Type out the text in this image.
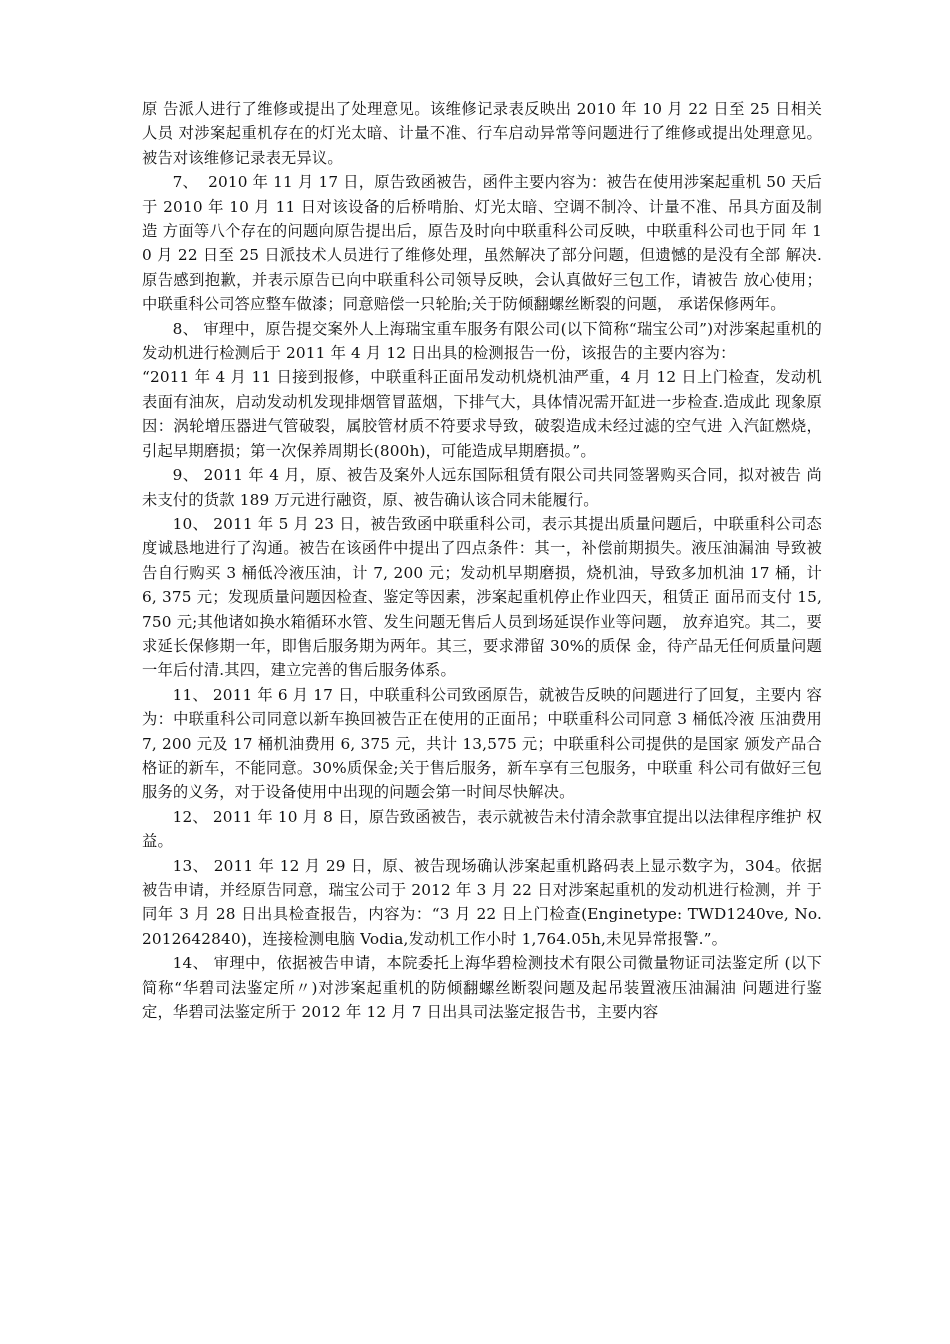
原 告派人进行了维修或提出了处理意见。该维修记录表反映出 2010 年 10 月 22 日至 25 日相关人员 对涉案起重机存在的灯光太暗、计量不准、行车启动异常等问题进行了维修或提出处理意见。 被告对该维修记录表无异议。

7、  2010 年 11 月 17 日，原告致函被告，函件主要内容为：被告在使用涉案起重机 50 天后于 2010 年 10 月 11 日对该设备的后桥啃胎、灯光太暗、空调不制冷、计量不准、吊具方面及制造 方面等八个存在的问题向原告提出后，原告及时向中联重科公司反映，中联重科公司也于同 年 10 月 22 日至 25 日派技术人员进行了维修处理，虽然解决了部分问题，但遗憾的是没有全部 解决.原告感到抱歉，并表示原告已向中联重科公司领导反映，会认真做好三包工作，请被告 放心使用；中联重科公司答应整车做漆；同意赔偿一只轮胎;关于防倾翻螺丝断裂的问题， 承诺保修两年。

8、 审理中，原告提交案外人上海瑞宝重车服务有限公司(以下简称“瑞宝公司”)对涉案起重机的发动机进行检测后于 2011 年 4 月 12 日出具的检测报告一份，该报告的主要内容为：

“2011 年 4 月 11 日接到报修，中联重科正面吊发动机烧机油严重，4 月 12 日上门检查，发动机 表面有油灰，启动发动机发现排烟管冒蓝烟，下排气大，具体情况需开缸进一步检查.造成此 现象原因：涡轮增压器进气管破裂，属胶管材质不符要求导致，破裂造成未经过滤的空气进 入汽缸燃烧，引起早期磨损；第一次保养周期长(800h)，可能造成早期磨损。”。

9、 2011 年 4 月，原、被告及案外人远东国际租赁有限公司共同签署购买合同，拟对被告 尚未支付的货款 189 万元进行融资，原、被告确认该合同未能履行。

10、 2011 年 5 月 23 日，被告致函中联重科公司，表示其提出质量问题后，中联重科公司态 度诚恳地进行了沟通。被告在该函件中提出了四点条件：其一，补偿前期损失。液压油漏油 导致被告自行购买 3 桶低冷液压油，计 7, 200 元；发动机早期磨损，烧机油，导致多加机油 17 桶，计 6, 375 元；发现质量问题因检查、鉴定等因素，涉案起重机停止作业四天，租赁正 面吊而支付 15,750 元;其他诸如换水箱循环水管、发生问题无售后人员到场延误作业等问题， 放弃追究。其二，要求延长保修期一年，即售后服务期为两年。其三，要求滞留 30%的质保 金，待产品无任何质量问题一年后付清.其四，建立完善的售后服务体系。

11、 2011 年 6 月 17 日，中联重科公司致函原告，就被告反映的问题进行了回复，主要内 容为：中联重科公司同意以新车换回被告正在使用的正面吊；中联重科公司同意 3 桶低冷液 压油费用 7, 200 元及 17 桶机油费用 6, 375 元，共计 13,575 元；中联重科公司提供的是国家 颁发产品合格证的新车，不能同意。30%质保金;关于售后服务，新车享有三包服务，中联重 科公司有做好三包服务的义务，对于设备使用中出现的问题会第一时间尽快解决。

12、 2011 年 10 月 8 日，原告致函被告，表示就被告未付清余款事宜提出以法律程序维护 权益。

13、 2011 年 12 月 29 日，原、被告现场确认涉案起重机路码表上显示数字为，304。依据 被告申请，并经原告同意，瑞宝公司于 2012 年 3 月 22 日对涉案起重机的发动机进行检测，并 于同年 3 月 28 日出具检查报告，内容为：“3 月 22 日上门检查(Enginetype: TWD1240ve, No. 2012642840)，连接检测电脑 Vodia,发动机工作小时 1,764.05h,未见异常报警.”。

14、 审理中，依据被告申请，本院委托上海华碧检测技术有限公司微量物证司法鉴定所 (以下简称“华碧司法鉴定所〃)对涉案起重机的防倾翻螺丝断裂问题及起吊装置液压油漏油 问题进行鉴定，华碧司法鉴定所于 2012 年 12 月 7 日出具司法鉴定报告书，主要内容
